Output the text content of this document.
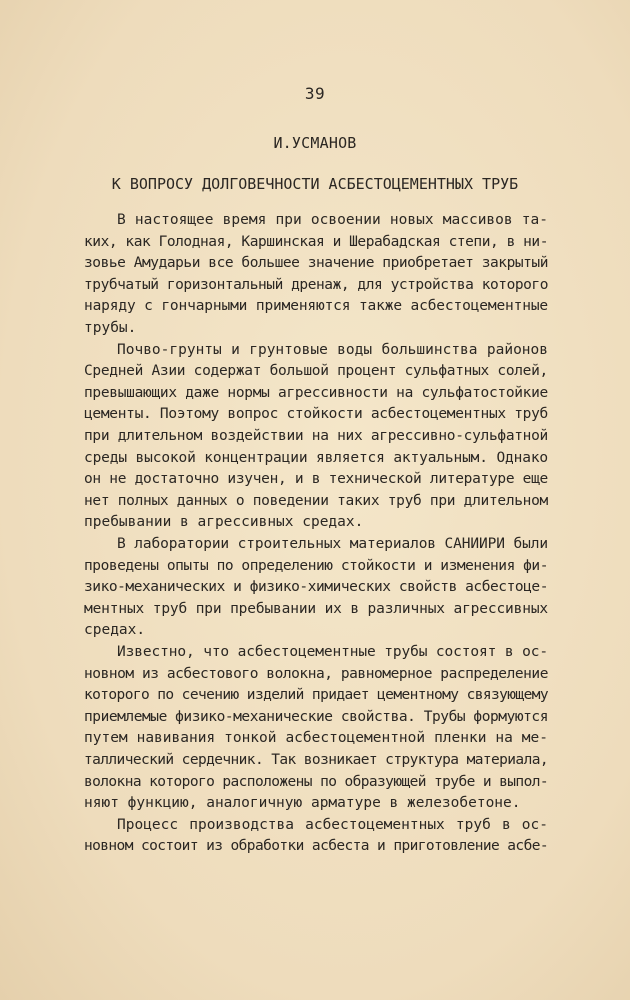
39
И.УСМАНОВ
К ВОПРОСУ ДОЛГОВЕЧНОСТИ АСБЕСТОЦЕМЕНТНЫХ ТРУБ
В настоящее время при освоении новых массивов та-
ких, как Голодная, Каршинская и Шерабадская степи, в ни-
зовье Амударьи все большее значение приобретает закрытый
трубчатый горизонтальный дренаж, для устройства которого
наряду с гончарными применяются также асбестоцементные
трубы.
Почво-грунты и грунтовые воды большинства районов
Средней Азии содержат большой процент сульфатных солей,
превышающих даже нормы агрессивности на сульфатостойкие
цементы. Поэтому вопрос стойкости асбестоцементных труб
при длительном воздействии на них агрессивно-сульфатной
среды высокой концентрации является актуальным. Однако
он не достаточно изучен, и в технической литературе еще
нет полных данных о поведении таких труб при длительном
пребывании в агрессивных средах.
В лаборатории строительных материалов САНИИРИ были
проведены опыты по определению стойкости и изменения фи-
зико-механических и физико-химических свойств асбестоце-
ментных труб при пребывании их в различных агрессивных
средах.
Известно, что асбестоцементные трубы состоят в ос-
новном из асбестового волокна, равномерное распределение
которого по сечению изделий придает цементному связующему
приемлемые физико-механические свойства. Трубы формуются
путем навивания тонкой асбестоцементной пленки на ме-
таллический сердечник. Так возникает структура материала,
волокна которого расположены по образующей трубе и выпол-
няют функцию, аналогичную арматуре в железобетоне.
Процесс производства асбестоцементных труб в ос-
новном состоит из обработки асбеста и приготовление асбе-
